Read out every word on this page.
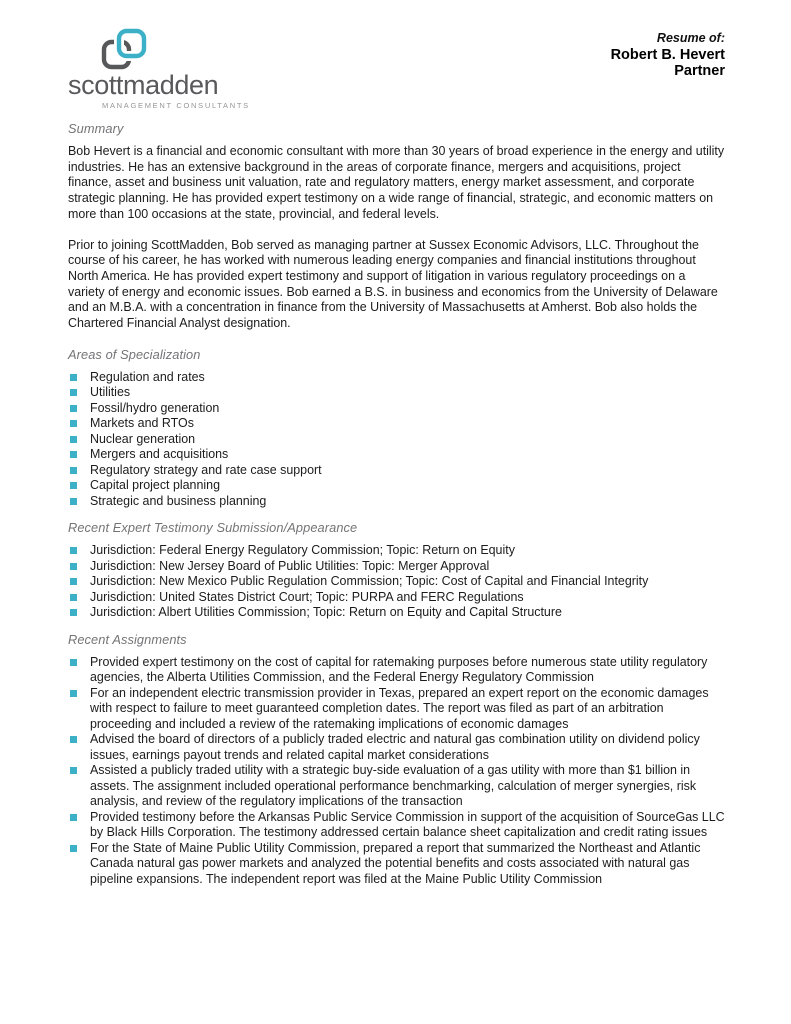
scottmadden
MANAGEMENT CONSULTANTS
Resume of:
Robert B. Hevert
Partner
Summary

Bob Hevert is a financial and economic consultant with more than 30 years of broad experience in the energy and utility industries. He has an extensive background in the areas of corporate finance, mergers and acquisitions, project finance, asset and business unit valuation, rate and regulatory matters, energy market assessment, and corporate strategic planning. He has provided expert testimony on a wide range of financial, strategic, and economic matters on more than 100 occasions at the state, provincial, and federal levels.

Prior to joining ScottMadden, Bob served as managing partner at Sussex Economic Advisors, LLC. Throughout the course of his career, he has worked with numerous leading energy companies and financial institutions throughout North America. He has provided expert testimony and support of litigation in various regulatory proceedings on a variety of energy and economic issues. Bob earned a B.S. in business and economics from the University of Delaware and an M.B.A. with a concentration in finance from the University of Massachusetts at Amherst. Bob also holds the Chartered Financial Analyst designation.

Areas of Specialization
Regulation and rates
Utilities
Fossil/hydro generation
Markets and RTOs
Nuclear generation
Mergers and acquisitions
Regulatory strategy and rate case support
Capital project planning
Strategic and business planning
Recent Expert Testimony Submission/Appearance
Jurisdiction: Federal Energy Regulatory Commission; Topic: Return on Equity
Jurisdiction: New Jersey Board of Public Utilities: Topic: Merger Approval
Jurisdiction: New Mexico Public Regulation Commission; Topic: Cost of Capital and Financial Integrity
Jurisdiction: United States District Court; Topic: PURPA and FERC Regulations
Jurisdiction: Albert Utilities Commission; Topic: Return on Equity and Capital Structure
Recent Assignments
Provided expert testimony on the cost of capital for ratemaking purposes before numerous state utility regulatory agencies, the Alberta Utilities Commission, and the Federal Energy Regulatory Commission
For an independent electric transmission provider in Texas, prepared an expert report on the economic damages with respect to failure to meet guaranteed completion dates. The report was filed as part of an arbitration proceeding and included a review of the ratemaking implications of economic damages
Advised the board of directors of a publicly traded electric and natural gas combination utility on dividend policy issues, earnings payout trends and related capital market considerations
Assisted a publicly traded utility with a strategic buy-side evaluation of a gas utility with more than $1 billion in assets. The assignment included operational performance benchmarking, calculation of merger synergies, risk analysis, and review of the regulatory implications of the transaction
Provided testimony before the Arkansas Public Service Commission in support of the acquisition of SourceGas LLC by Black Hills Corporation. The testimony addressed certain balance sheet capitalization and credit rating issues
For the State of Maine Public Utility Commission, prepared a report that summarized the Northeast and Atlantic Canada natural gas power markets and analyzed the potential benefits and costs associated with natural gas pipeline expansions. The independent report was filed at the Maine Public Utility Commission
